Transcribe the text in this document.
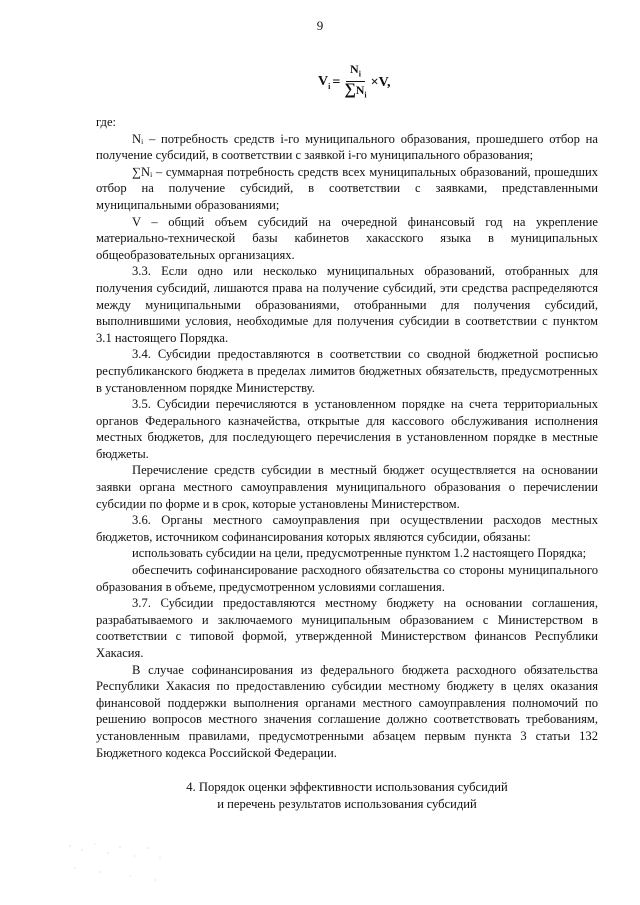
9
$V_i = \frac{N_i}{\sum N_i} \times V$,

где:

Nᵢ – потребность средств i-го муниципального образования, прошедшего отбор на получение субсидий, в соответствии с заявкой i-го муниципального образования;

∑Nᵢ – суммарная потребность средств всех муниципальных образований, прошедших отбор на получение субсидий, в соответствии с заявками, представленными муниципальными образованиями;

V – общий объем субсидий на очередной финансовый год на укрепление материально-технической базы кабинетов хакасского языка в муниципальных общеобразовательных организациях.

3.3. Если одно или несколько муниципальных образований, отобранных для получения субсидий, лишаются права на получение субсидий, эти средства распределяются между муниципальными образованиями, отобранными для получения субсидий, выполнившими условия, необходимые для получения субсидии в соответствии с пунктом 3.1 настоящего Порядка.

3.4. Субсидии предоставляются в соответствии со сводной бюджетной росписью республиканского бюджета в пределах лимитов бюджетных обязательств, предусмотренных в установленном порядке Министерству.

3.5. Субсидии перечисляются в установленном порядке на счета территориальных органов Федерального казначейства, открытые для кассового обслуживания исполнения местных бюджетов, для последующего перечисления в установленном порядке в местные бюджеты.

Перечисление средств субсидии в местный бюджет осуществляется на основании заявки органа местного самоуправления муниципального образования о перечислении субсидии по форме и в срок, которые установлены Министерством.

3.6. Органы местного самоуправления при осуществлении расходов местных бюджетов, источником софинансирования которых являются субсидии, обязаны:

использовать субсидии на цели, предусмотренные пунктом 1.2 настоящего Порядка;

обеспечить софинансирование расходного обязательства со стороны муниципального образования в объеме, предусмотренном условиями соглашения.

3.7. Субсидии предоставляются местному бюджету на основании соглашения, разрабатываемого и заключаемого муниципальным образованием с Министерством в соответствии с типовой формой, утвержденной Министерством финансов Республики Хакасия.

В случае софинансирования из федерального бюджета расходного обязательства Республики Хакасия по предоставлению субсидии местному бюджету в целях оказания финансовой поддержки выполнения органами местного самоуправления полномочий по решению вопросов местного значения соглашение должно соответствовать требованиям, установленным правилами, предусмотренными абзацем первым пункта 3 статьи 132 Бюджетного кодекса Российской Федерации.

4. Порядок оценки эффективности использования субсидий
и перечень результатов использования субсидий
